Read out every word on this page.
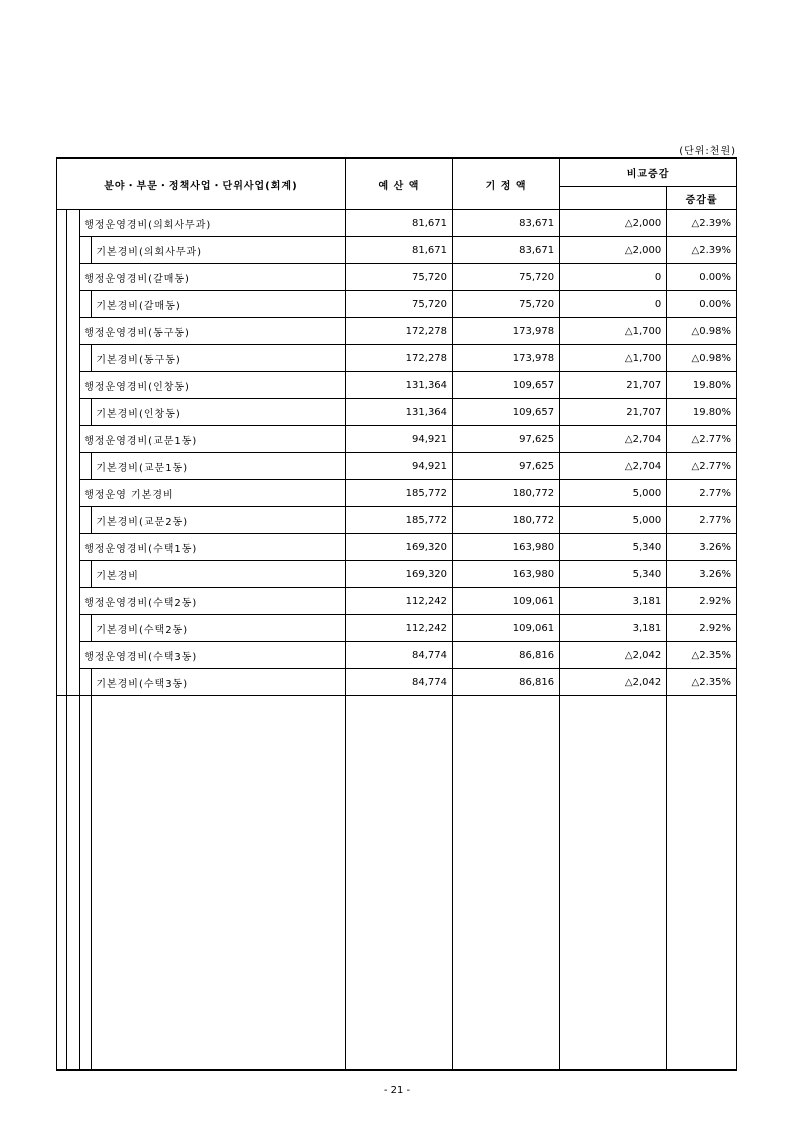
(단위:천원)
분야・부문・정책사업・단위사업(회계)				예 산 액	기 정 액	비교증감	
							증감률
		행정운영경비(의회사무과)		81,671	83,671	△2,000	△2.39%
			기본경비(의회사무과)	81,671	83,671	△2,000	△2.39%
		행정운영경비(갈매동)		75,720	75,720	0	0.00%
			기본경비(갈매동)	75,720	75,720	0	0.00%
		행정운영경비(동구동)		172,278	173,978	△1,700	△0.98%
			기본경비(동구동)	172,278	173,978	△1,700	△0.98%
		행정운영경비(인창동)		131,364	109,657	21,707	19.80%
			기본경비(인창동)	131,364	109,657	21,707	19.80%
		행정운영경비(교문1동)		94,921	97,625	△2,704	△2.77%
			기본경비(교문1동)	94,921	97,625	△2,704	△2.77%
		행정운영 기본경비		185,772	180,772	5,000	2.77%
			기본경비(교문2동)	185,772	180,772	5,000	2.77%
		행정운영경비(수택1동)		169,320	163,980	5,340	3.26%
			기본경비	169,320	163,980	5,340	3.26%
		행정운영경비(수택2동)		112,242	109,061	3,181	2.92%
			기본경비(수택2동)	112,242	109,061	3,181	2.92%
		행정운영경비(수택3동)		84,774	86,816	△2,042	△2.35%
			기본경비(수택3동)	84,774	86,816	△2,042	△2.35%

- 21 -
